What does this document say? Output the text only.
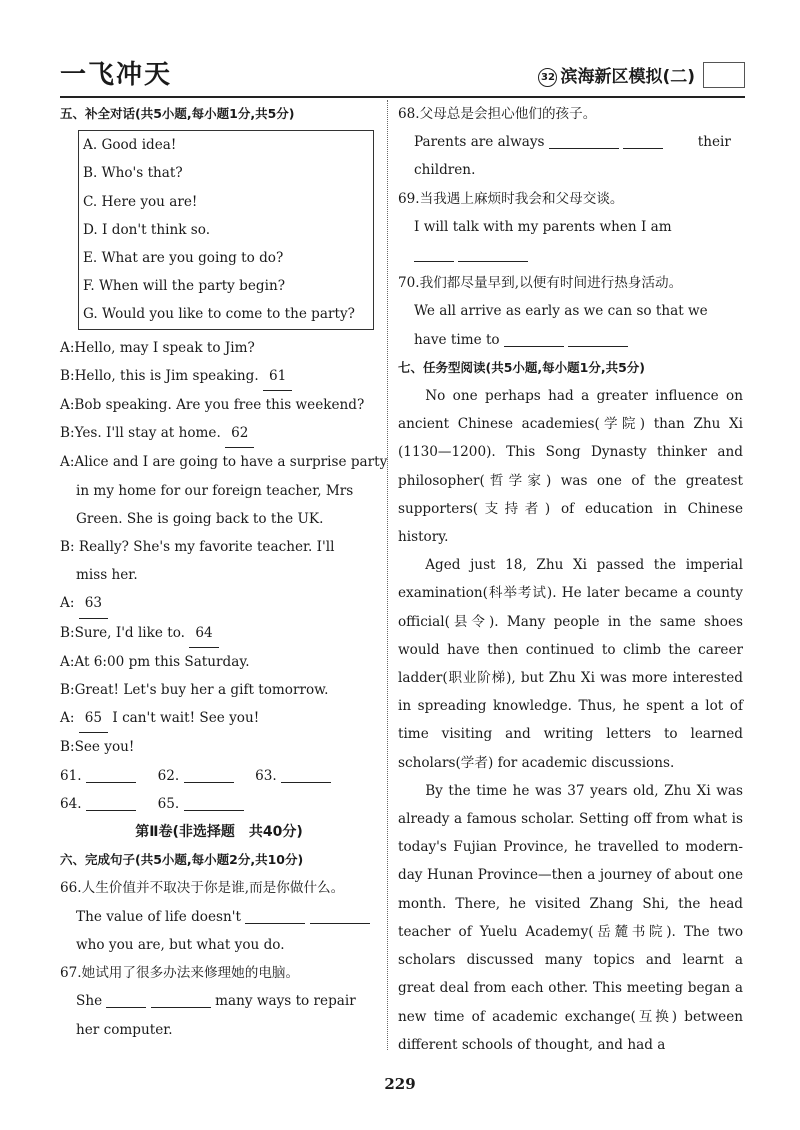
一飞冲天	32 滨海新区模拟(二)
五、补全对话(共5小题,每小题1分,共5分)
A. Good idea!
B. Who's that?
C. Here you are!
D. I don't think so.
E. What are you going to do?
F. When will the party begin?
G. Would you like to come to the party?
A:Hello, may I speak to Jim?
B:Hello, this is Jim speaking. 61
A:Bob speaking. Are you free this weekend?
B:Yes. I'll stay at home. 62
A:Alice and I are going to have a surprise party
in my home for our foreign teacher, Mrs
Green. She is going back to the UK.
B: Really? She's my favorite teacher. I'll
miss her.
A: 63
B:Sure, I'd like to. 64
A:At 6:00 pm this Saturday.
B:Great! Let's buy her a gift tomorrow.
A: 65 I can't wait! See you!
B:See you!
61.	62.	63.
64.	65.
第Ⅱ卷(非选择题　共40分)
六、完成句子(共5小题,每小题2分,共10分)
66.人生价值并不取决于你是谁,而是你做什么。
The value of life doesn't
who you are, but what you do.
67.她试用了很多办法来修理她的电脑。
She	many ways to repair
her computer.
68.父母总是会担心他们的孩子。
Parents are always	their
children.
69.当我遇上麻烦时我会和父母交谈。
I will talk with my parents when I am

70.我们都尽量早到,以便有时间进行热身活动。
We all arrive as early as we can so that we
have time to
七、任务型阅读(共5小题,每小题1分,共5分)
No one perhaps had a greater influence on ancient Chinese academies(学院) than Zhu Xi (1130—1200). This Song Dynasty thinker and philosopher(哲学家) was one of the greatest supporters(支持者) of education in Chinese history.
Aged just 18, Zhu Xi passed the imperial examination(科举考试). He later became a county official(县令). Many people in the same shoes would have then continued to climb the career ladder(职业阶梯), but Zhu Xi was more interested in spreading knowledge. Thus, he spent a lot of time visiting and writing letters to learned scholars(学者) for academic discussions.
By the time he was 37 years old, Zhu Xi was already a famous scholar. Setting off from what is today's Fujian Province, he travelled to modern-day Hunan Province—then a journey of about one month. There, he visited Zhang Shi, the head teacher of Yuelu Academy(岳麓书院). The two scholars discussed many topics and learnt a great deal from each other. This meeting began a new time of academic exchange(互换) between different schools of thought, and had a
229
